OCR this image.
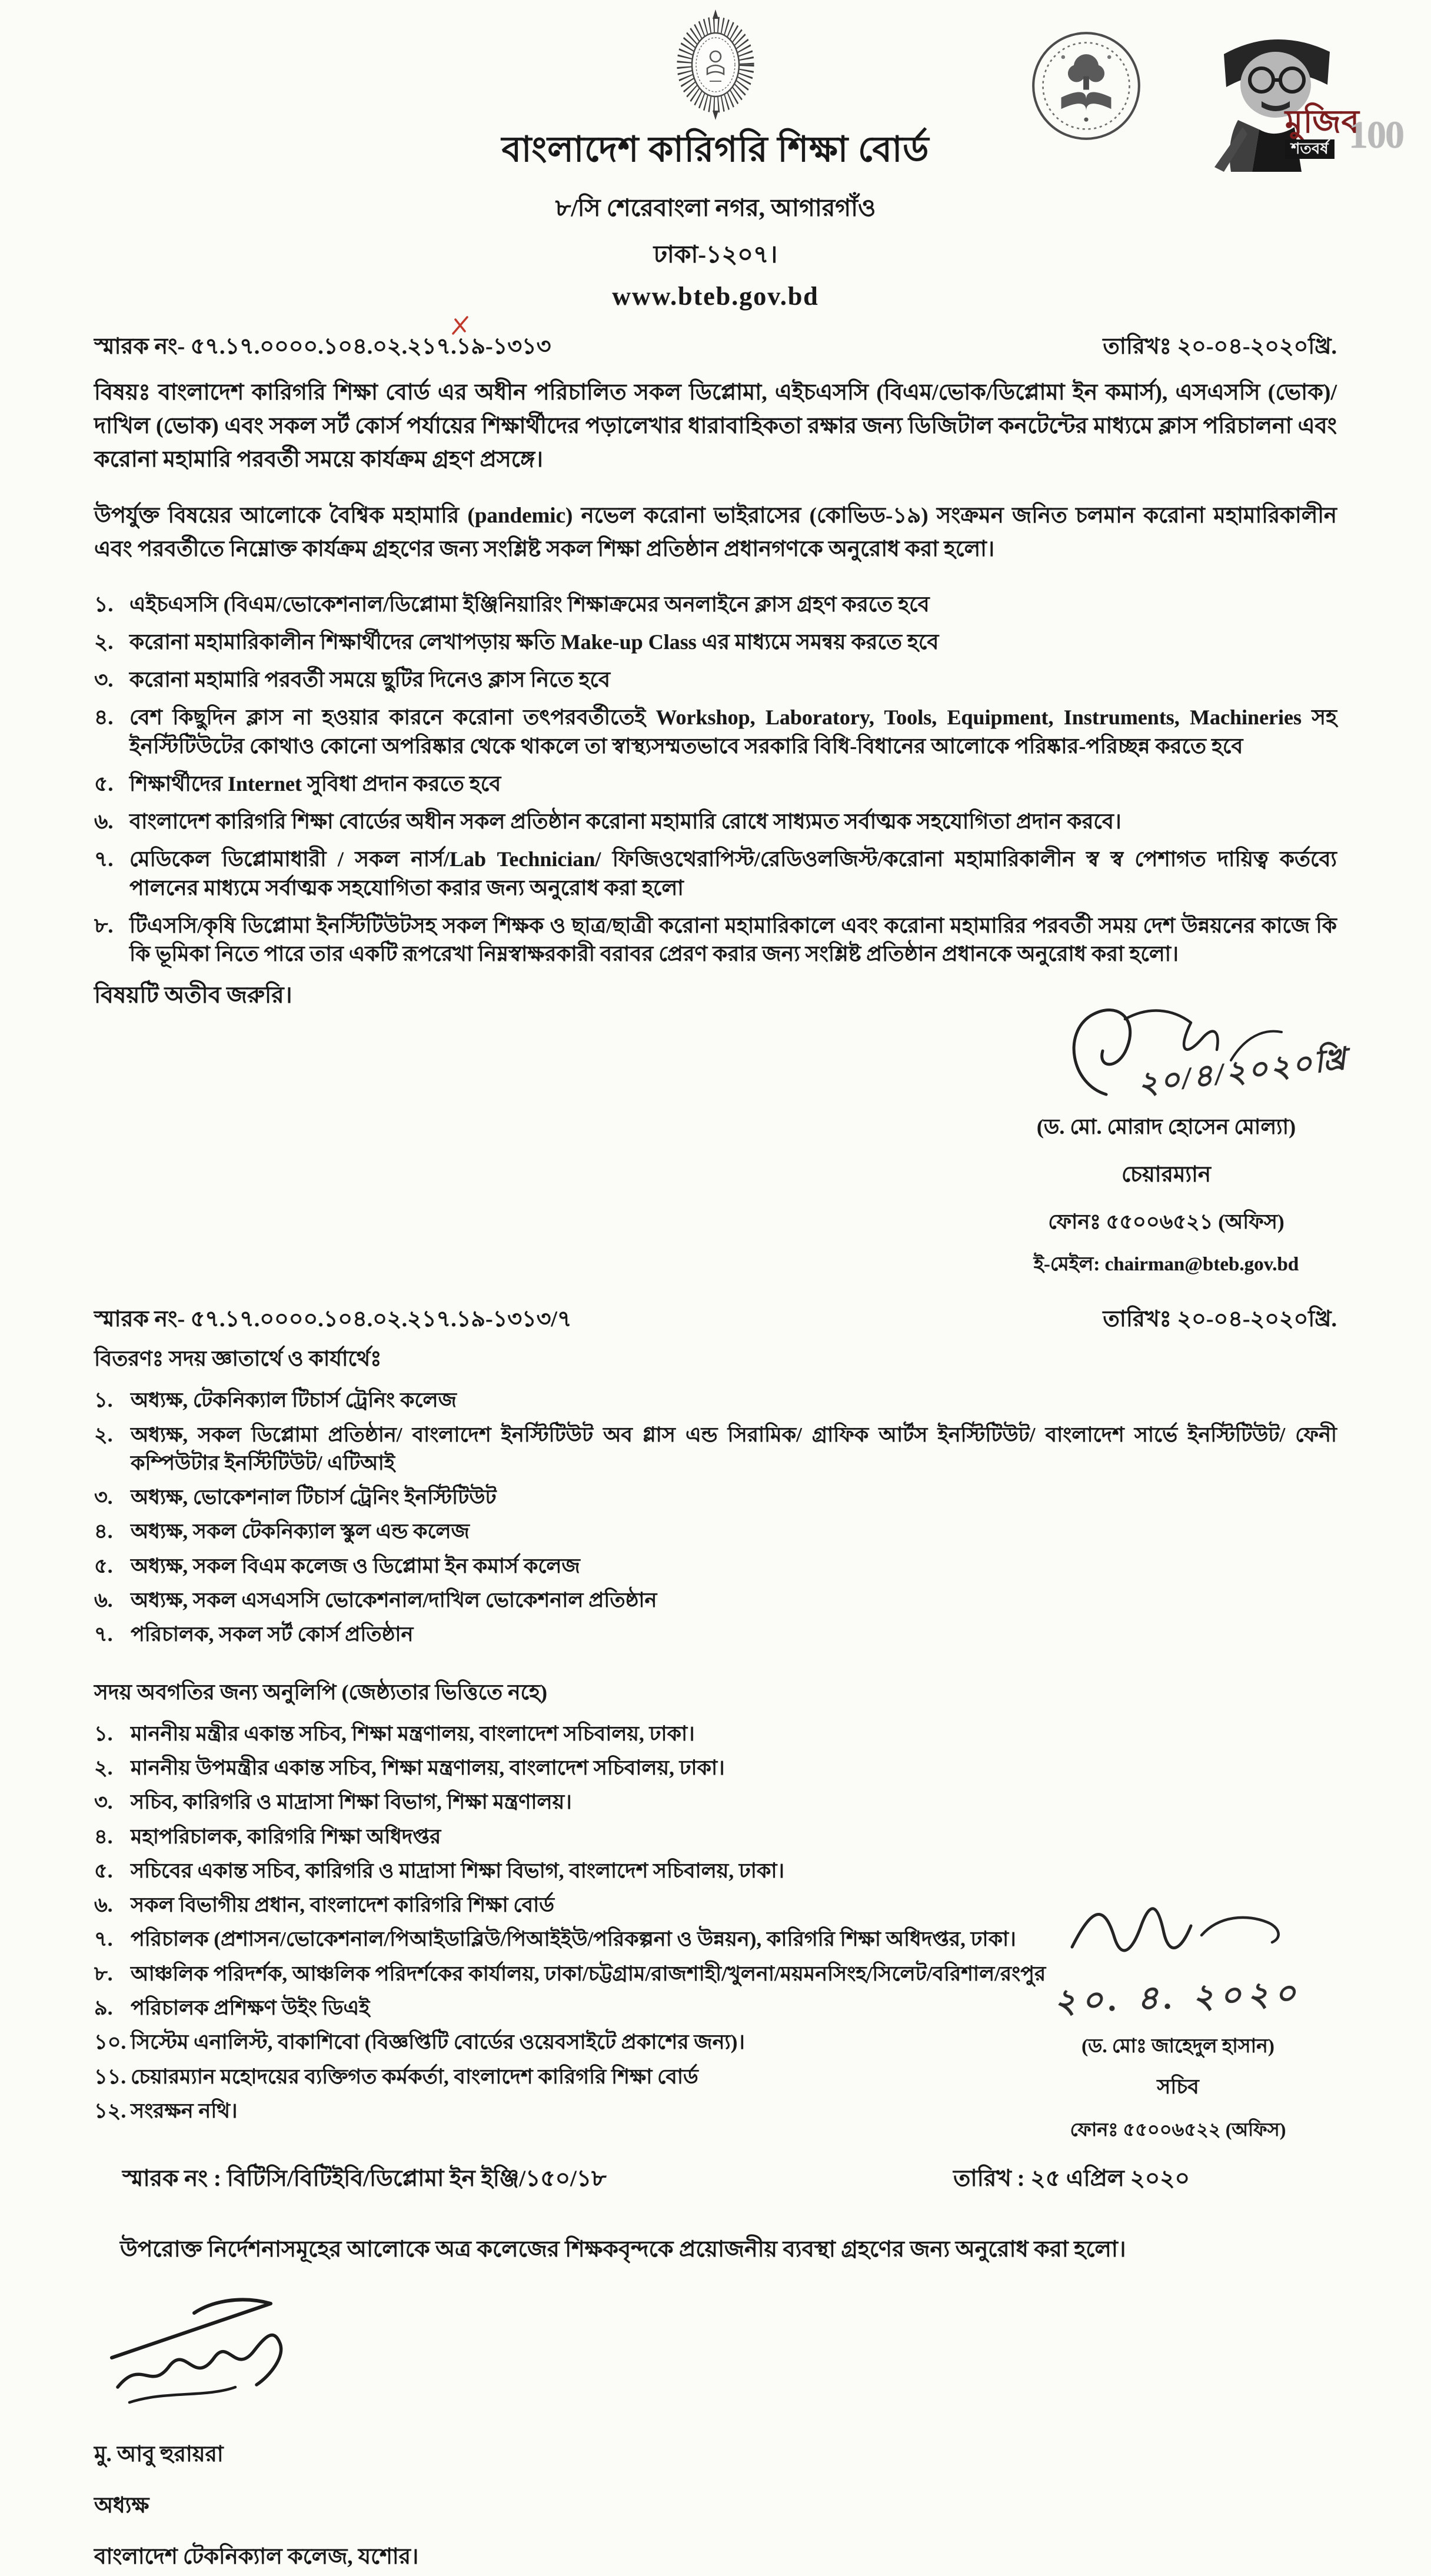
বাংলাদেশ কারিগরি শিক্ষা বোর্ড
৮/সি শেরেবাংলা নগর, আগারগাঁও
ঢাকা-১২০৭।
www.bteb.gov.bd
100
মুজিব
শতবর্ষ
স্মারক নং- ৫৭.১৭.০০০০.১০৪.০২.২১৭.১৯-১৩১৩	তারিখঃ ২০-০৪-২০২০খ্রি.
বিষয়ঃ বাংলাদেশ কারিগরি শিক্ষা বোর্ড এর অধীন পরিচালিত সকল ডিপ্লোমা, এইচএসসি (বিএম/ভোক/ডিপ্লোমা ইন কমার্স), এসএসসি (ভোক)/দাখিল (ভোক) এবং সকল সর্ট কোর্স পর্যায়ের শিক্ষার্থীদের পড়ালেখার ধারাবাহিকতা রক্ষার জন্য ডিজিটাল কনটেন্টের মাধ্যমে ক্লাস পরিচালনা এবং করোনা মহামারি পরবর্তী সময়ে কার্যক্রম গ্রহণ প্রসঙ্গে।
উপর্যুক্ত বিষয়ের আলোকে বৈশ্বিক মহামারি (pandemic) নভেল করোনা ভাইরাসের (কোভিড-১৯) সংক্রমন জনিত চলমান করোনা মহামারিকালীন এবং পরবর্তীতে নিম্নোক্ত কার্যক্রম গ্রহণের জন্য সংশ্লিষ্ট সকল শিক্ষা প্রতিষ্ঠান প্রধানগণকে অনুরোধ করা হলো।
১. এইচএসসি (বিএম/ভোকেশনাল/ডিপ্লোমা ইঞ্জিনিয়ারিং শিক্ষাক্রমের অনলাইনে ক্লাস গ্রহণ করতে হবে
২. করোনা মহামারিকালীন শিক্ষার্থীদের লেখাপড়ায় ক্ষতি Make-up Class এর মাধ্যমে সমন্বয় করতে হবে
৩. করোনা মহামারি পরবর্তী সময়ে ছুটির দিনেও ক্লাস নিতে হবে
৪. বেশ কিছুদিন ক্লাস না হওয়ার কারনে করোনা তৎপরবর্তীতেই Workshop, Laboratory, Tools, Equipment, Instruments, Machineries সহ ইনস্টিটিউটের কোথাও কোনো অপরিষ্কার থেকে থাকলে তা স্বাস্থ্যসম্মতভাবে সরকারি বিধি-বিধানের আলোকে পরিষ্কার-পরিচ্ছন্ন করতে হবে
৫. শিক্ষার্থীদের Internet সুবিধা প্রদান করতে হবে
৬. বাংলাদেশ কারিগরি শিক্ষা বোর্ডের অধীন সকল প্রতিষ্ঠান করোনা মহামারি রোধে সাধ্যমত সর্বাত্মক সহযোগিতা প্রদান করবে।
৭. মেডিকেল ডিপ্লোমাধারী / সকল নার্স/Lab Technician/ ফিজিওথেরাপিস্ট/রেডিওলজিস্ট/করোনা মহামারিকালীন স্ব স্ব পেশাগত দায়িত্ব কর্তব্যে পালনের মাধ্যমে সর্বাত্মক সহযোগিতা করার জন্য অনুরোধ করা হলো
৮. টিএসসি/কৃষি ডিপ্লোমা ইনস্টিটিউটসহ সকল শিক্ষক ও ছাত্র/ছাত্রী করোনা মহামারিকালে এবং করোনা মহামারির পরবর্তী সময় দেশ উন্নয়নের কাজে কি কি ভূমিকা নিতে পারে তার একটি রূপরেখা নিম্নস্বাক্ষরকারী বরাবর প্রেরণ করার জন্য সংশ্লিষ্ট প্রতিষ্ঠান প্রধানকে অনুরোধ করা হলো।
বিষয়টি অতীব জরুরি।
২০/৪/২০২০খ্রি
(ড. মো. মোরাদ হোসেন মোল্যা)
চেয়ারম্যান
ফোনঃ ৫৫০০৬৫২১ (অফিস)
ই-মেইল: chairman@bteb.gov.bd
স্মারক নং- ৫৭.১৭.০০০০.১০৪.০২.২১৭.১৯-১৩১৩/৭	তারিখঃ ২০-০৪-২০২০খ্রি.
বিতরণঃ সদয় জ্ঞাতার্থে ও কার্যার্থেঃ
১. অধ্যক্ষ, টেকনিক্যাল টিচার্স ট্রেনিং কলেজ
২. অধ্যক্ষ, সকল ডিপ্লোমা প্রতিষ্ঠান/ বাংলাদেশ ইনস্টিটিউট অব গ্লাস এন্ড সিরামিক/ গ্রাফিক আর্টস ইনস্টিটিউট/ বাংলাদেশ সার্ভে ইনস্টিটিউট/ ফেনী কম্পিউটার ইনস্টিটিউট/ এটিআই
৩. অধ্যক্ষ, ভোকেশনাল টিচার্স ট্রেনিং ইনস্টিটিউট
৪. অধ্যক্ষ, সকল টেকনিক্যাল স্কুল এন্ড কলেজ
৫. অধ্যক্ষ, সকল বিএম কলেজ ও ডিপ্লোমা ইন কমার্স কলেজ
৬. অধ্যক্ষ, সকল এসএসসি ভোকেশনাল/দাখিল ভোকেশনাল প্রতিষ্ঠান
৭. পরিচালক, সকল সর্ট কোর্স প্রতিষ্ঠান
সদয় অবগতির জন্য অনুলিপি (জেষ্ঠ্যতার ভিত্তিতে নহে)
১. মাননীয় মন্ত্রীর একান্ত সচিব, শিক্ষা মন্ত্রণালয়, বাংলাদেশ সচিবালয়, ঢাকা।
২. মাননীয় উপমন্ত্রীর একান্ত সচিব, শিক্ষা মন্ত্রণালয়, বাংলাদেশ সচিবালয়, ঢাকা।
৩. সচিব, কারিগরি ও মাদ্রাসা শিক্ষা বিভাগ, শিক্ষা মন্ত্রণালয়।
৪. মহাপরিচালক, কারিগরি শিক্ষা অধিদপ্তর
৫. সচিবের একান্ত সচিব, কারিগরি ও মাদ্রাসা শিক্ষা বিভাগ, বাংলাদেশ সচিবালয়, ঢাকা।
৬. সকল বিভাগীয় প্রধান, বাংলাদেশ কারিগরি শিক্ষা বোর্ড
৭. পরিচালক (প্রশাসন/ভোকেশনাল/পিআইডাব্লিউ/পিআইইউ/পরিকল্পনা ও উন্নয়ন), কারিগরি শিক্ষা অধিদপ্তর, ঢাকা।
৮. আঞ্চলিক পরিদর্শক, আঞ্চলিক পরিদর্শকের কার্যালয়, ঢাকা/চট্টগ্রাম/রাজশাহী/খুলনা/ময়মনসিংহ/সিলেট/বরিশাল/রংপুর
৯. পরিচালক প্রশিক্ষণ উইং ডিএই
১০. সিস্টেম এনালিস্ট, বাকাশিবো (বিজ্ঞপ্তিটি বোর্ডের ওয়েবসাইটে প্রকাশের জন্য)।
১১. চেয়ারম্যান মহোদয়ের ব্যক্তিগত কর্মকর্তা, বাংলাদেশ কারিগরি শিক্ষা বোর্ড
১২. সংরক্ষন নথি।
২০. ৪. ২০২০
(ড. মোঃ জাহেদুল হাসান)
সচিব
ফোনঃ ৫৫০০৬৫২২ (অফিস)
স্মারক নং : বিটিসি/বিটিইবি/ডিপ্লোমা ইন ইঞ্জি/১৫০/১৮	তারিখ : ২৫ এপ্রিল ২০২০
উপরোক্ত নির্দেশনাসমূহের আলোকে অত্র কলেজের শিক্ষকবৃন্দকে প্রয়োজনীয় ব্যবস্থা গ্রহণের জন্য অনুরোধ করা হলো।
মু. আবু হুরায়রা
অধ্যক্ষ
বাংলাদেশ টেকনিক্যাল কলেজ, যশোর।
